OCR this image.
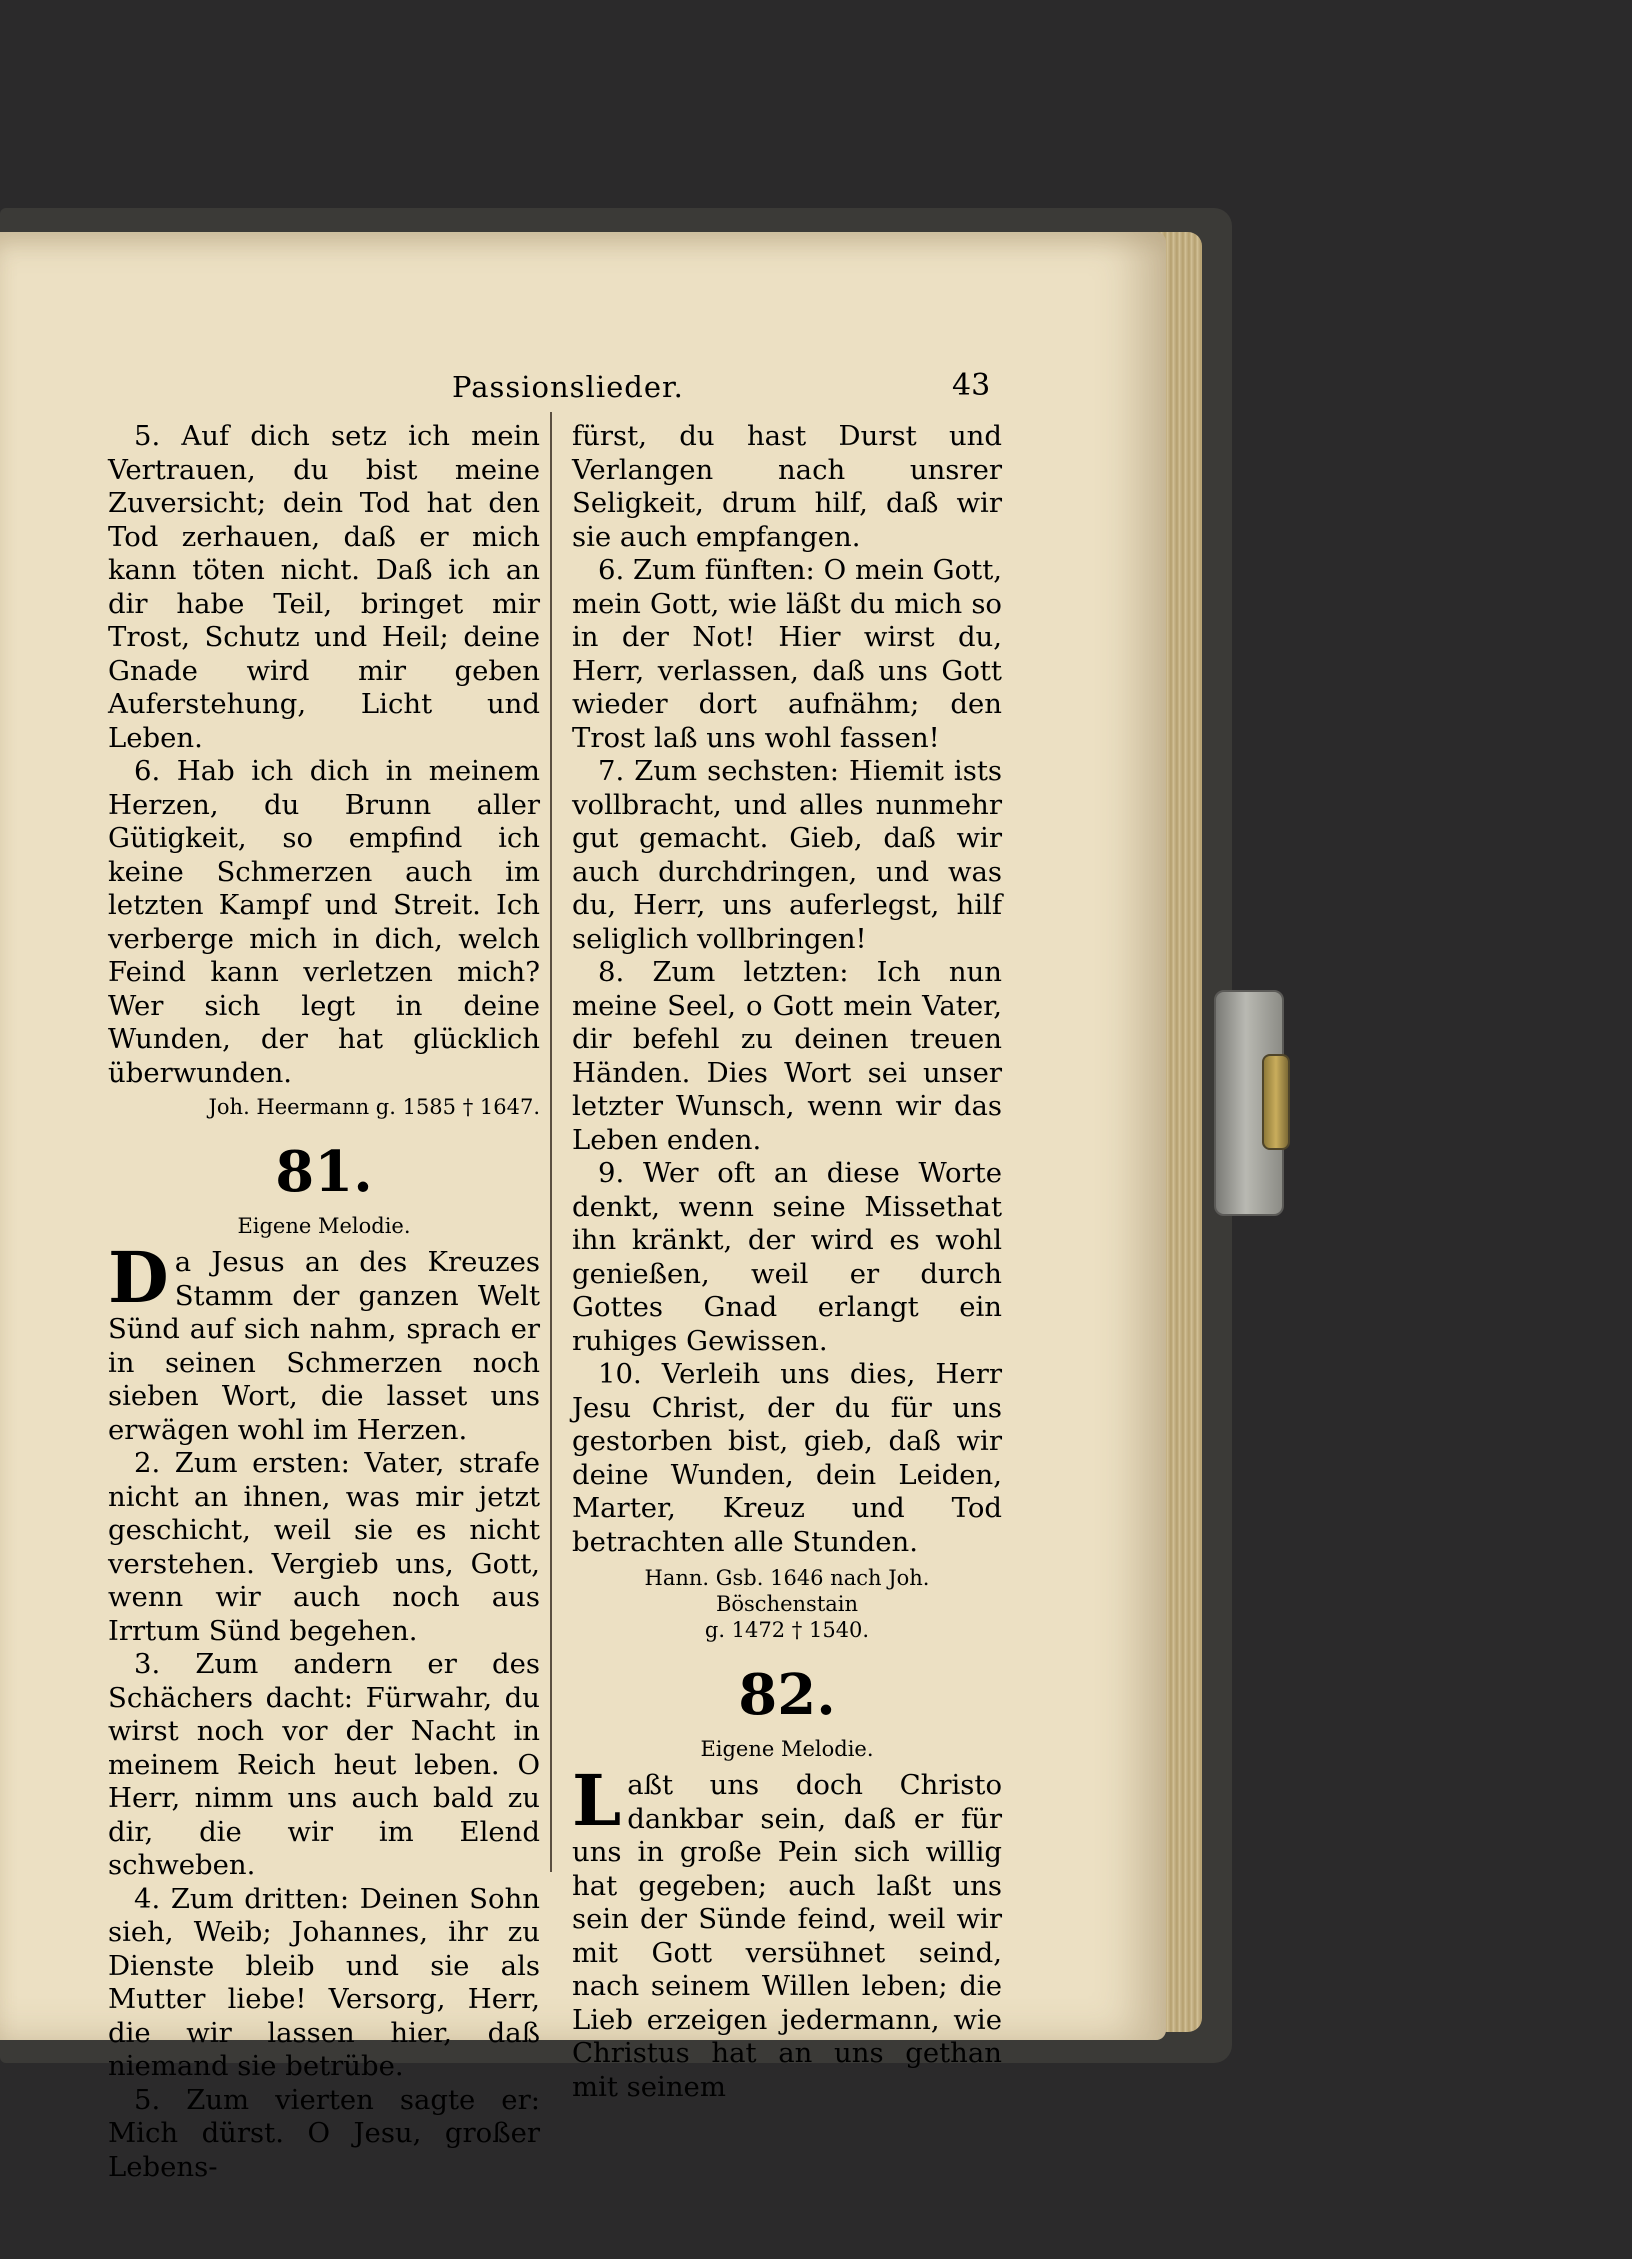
Passionslieder.	43

5. Auf dich setz ich mein Vertrauen, du bist meine Zuversicht; dein Tod hat den Tod zerhauen, daß er mich kann töten nicht. Daß ich an dir habe Teil, bringet mir Trost, Schutz und Heil; deine Gnade wird mir geben Auferstehung, Licht und Leben.

6. Hab ich dich in meinem Herzen, du Brunn aller Gütigkeit, so empfind ich keine Schmerzen auch im letzten Kampf und Streit. Ich verberge mich in dich, welch Feind kann verletzen mich? Wer sich legt in deine Wunden, der hat glücklich überwunden.

Joh. Heermann g. 1585 † 1647.

81.

Eigene Melodie.

Da Jesus an des Kreuzes Stamm der ganzen Welt Sünd auf sich nahm, sprach er in seinen Schmerzen noch sieben Wort, die lasset uns erwägen wohl im Herzen.

2. Zum ersten: Vater, strafe nicht an ihnen, was mir jetzt geschicht, weil sie es nicht verstehen. Vergieb uns, Gott, wenn wir auch noch aus Irrtum Sünd begehen.

3. Zum andern er des Schächers dacht: Fürwahr, du wirst noch vor der Nacht in meinem Reich heut leben. O Herr, nimm uns auch bald zu dir, die wir im Elend schweben.

4. Zum dritten: Deinen Sohn sieh, Weib; Johannes, ihr zu Dienste bleib und sie als Mutter liebe! Versorg, Herr, die wir lassen hier, daß niemand sie betrübe.

5. Zum vierten sagte er: Mich dürst. O Jesu, großer Lebens-

fürst, du hast Durst und Verlangen nach unsrer Seligkeit, drum hilf, daß wir sie auch empfangen.

6. Zum fünften: O mein Gott, mein Gott, wie läßt du mich so in der Not! Hier wirst du, Herr, verlassen, daß uns Gott wieder dort aufnähm; den Trost laß uns wohl fassen!

7. Zum sechsten: Hiemit ists vollbracht, und alles nunmehr gut gemacht. Gieb, daß wir auch durchdringen, und was du, Herr, uns auferlegst, hilf seliglich vollbringen!

8. Zum letzten: Ich nun meine Seel, o Gott mein Vater, dir befehl zu deinen treuen Händen. Dies Wort sei unser letzter Wunsch, wenn wir das Leben enden.

9. Wer oft an diese Worte denkt, wenn seine Missethat ihn kränkt, der wird es wohl genießen, weil er durch Gottes Gnad erlangt ein ruhiges Gewissen.

10. Verleih uns dies, Herr Jesu Christ, der du für uns gestorben bist, gieb, daß wir deine Wunden, dein Leiden, Marter, Kreuz und Tod betrachten alle Stunden.

Hann. Gsb. 1646 nach Joh. Böschenstain

g. 1472 † 1540.

82.

Eigene Melodie.

Laßt uns doch Christo dankbar sein, daß er für uns in große Pein sich willig hat gegeben; auch laßt uns sein der Sünde feind, weil wir mit Gott versühnet seind, nach seinem Willen leben; die Lieb erzeigen jedermann, wie Christus hat an uns gethan mit seinem
